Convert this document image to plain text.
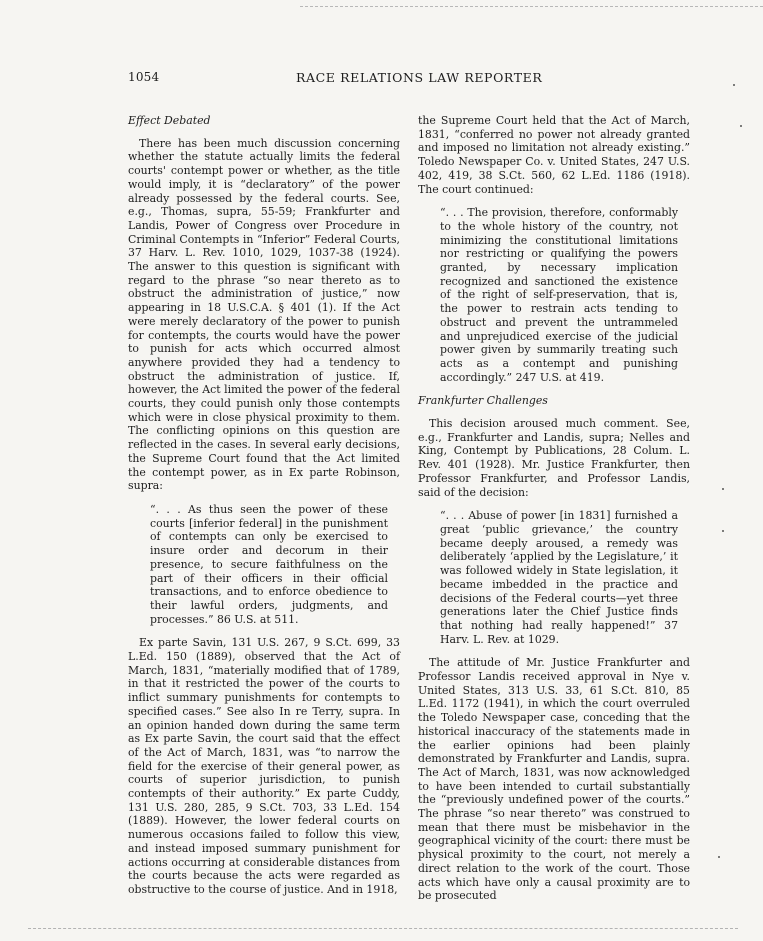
1054	RACE RELATIONS LAW REPORTER

Effect Debated

There has been much discussion concerning whether the statute actually limits the federal courts' contempt power or whether, as the title would imply, it is “declaratory” of the power already possessed by the federal courts. See, e.g., Thomas, supra, 55-59; Frankfurter and Landis, Power of Congress over Procedure in Criminal Contempts in “Inferior” Federal Courts, 37 Harv. L. Rev. 1010, 1029, 1037-38 (1924). The answer to this question is significant with regard to the phrase “so near thereto as to obstruct the administration of justice,” now appearing in 18 U.S.C.A. § 401 (1). If the Act were merely declaratory of the power to punish for contempts, the courts would have the power to punish for acts which occurred almost anywhere provided they had a tendency to obstruct the administration of justice. If, however, the Act limited the power of the federal courts, they could punish only those contempts which were in close physical proximity to them. The conflicting opinions on this question are reflected in the cases. In several early decisions, the Supreme Court found that the Act limited the contempt power, as in Ex parte Robinson, supra:

“. . . As thus seen the power of these courts [inferior federal] in the punishment of contempts can only be exercised to insure order and decorum in their presence, to secure faithfulness on the part of their officers in their official transactions, and to enforce obedience to their lawful orders, judgments, and processes.” 86 U.S. at 511.

Ex parte Savin, 131 U.S. 267, 9 S.Ct. 699, 33 L.Ed. 150 (1889), observed that the Act of March, 1831, “materially modified that of 1789, in that it restricted the power of the courts to inflict summary punishments for contempts to specified cases.” See also In re Terry, supra. In an opinion handed down during the same term as Ex parte Savin, the court said that the effect of the Act of March, 1831, was “to narrow the field for the exercise of their general power, as courts of superior jurisdiction, to punish contempts of their authority.” Ex parte Cuddy, 131 U.S. 280, 285, 9 S.Ct. 703, 33 L.Ed. 154 (1889). However, the lower federal courts on numerous occasions failed to follow this view, and instead imposed summary punishment for actions occurring at considerable distances from the courts because the acts were regarded as obstructive to the course of justice. And in 1918,

the Supreme Court held that the Act of March, 1831, “conferred no power not already granted and imposed no limitation not already existing.” Toledo Newspaper Co. v. United States, 247 U.S. 402, 419, 38 S.Ct. 560, 62 L.Ed. 1186 (1918). The court continued:

“. . . The provision, therefore, conformably to the whole history of the country, not minimizing the constitutional limitations nor restricting or qualifying the powers granted, by necessary implication recognized and sanctioned the existence of the right of self-preservation, that is, the power to restrain acts tending to obstruct and prevent the untrammeled and unprejudiced exercise of the judicial power given by summarily treating such acts as a contempt and punishing accordingly.” 247 U.S. at 419.

Frankfurter Challenges

This decision aroused much comment. See, e.g., Frankfurter and Landis, supra; Nelles and King, Contempt by Publications, 28 Colum. L. Rev. 401 (1928). Mr. Justice Frankfurter, then Professor Frankfurter, and Professor Landis, said of the decision:

“. . . Abuse of power [in 1831] furnished a great ‘public grievance,’ the country became deeply aroused, a remedy was deliberately ‘applied by the Legislature,’ it was followed widely in State legislation, it became imbedded in the practice and decisions of the Federal courts—yet three generations later the Chief Justice finds that nothing had really happened!” 37 Harv. L. Rev. at 1029.

The attitude of Mr. Justice Frankfurter and Professor Landis received approval in Nye v. United States, 313 U.S. 33, 61 S.Ct. 810, 85 L.Ed. 1172 (1941), in which the court overruled the Toledo Newspaper case, conceding that the historical inaccuracy of the statements made in the earlier opinions had been plainly demonstrated by Frankfurter and Landis, supra. The Act of March, 1831, was now acknowledged to have been intended to curtail substantially the “previously undefined power of the courts.” The phrase “so near thereto” was construed to mean that there must be misbehavior in the geographical vicinity of the court: there must be physical proximity to the court, not merely a direct relation to the work of the court. Those acts which have only a causal proximity are to be prosecuted
